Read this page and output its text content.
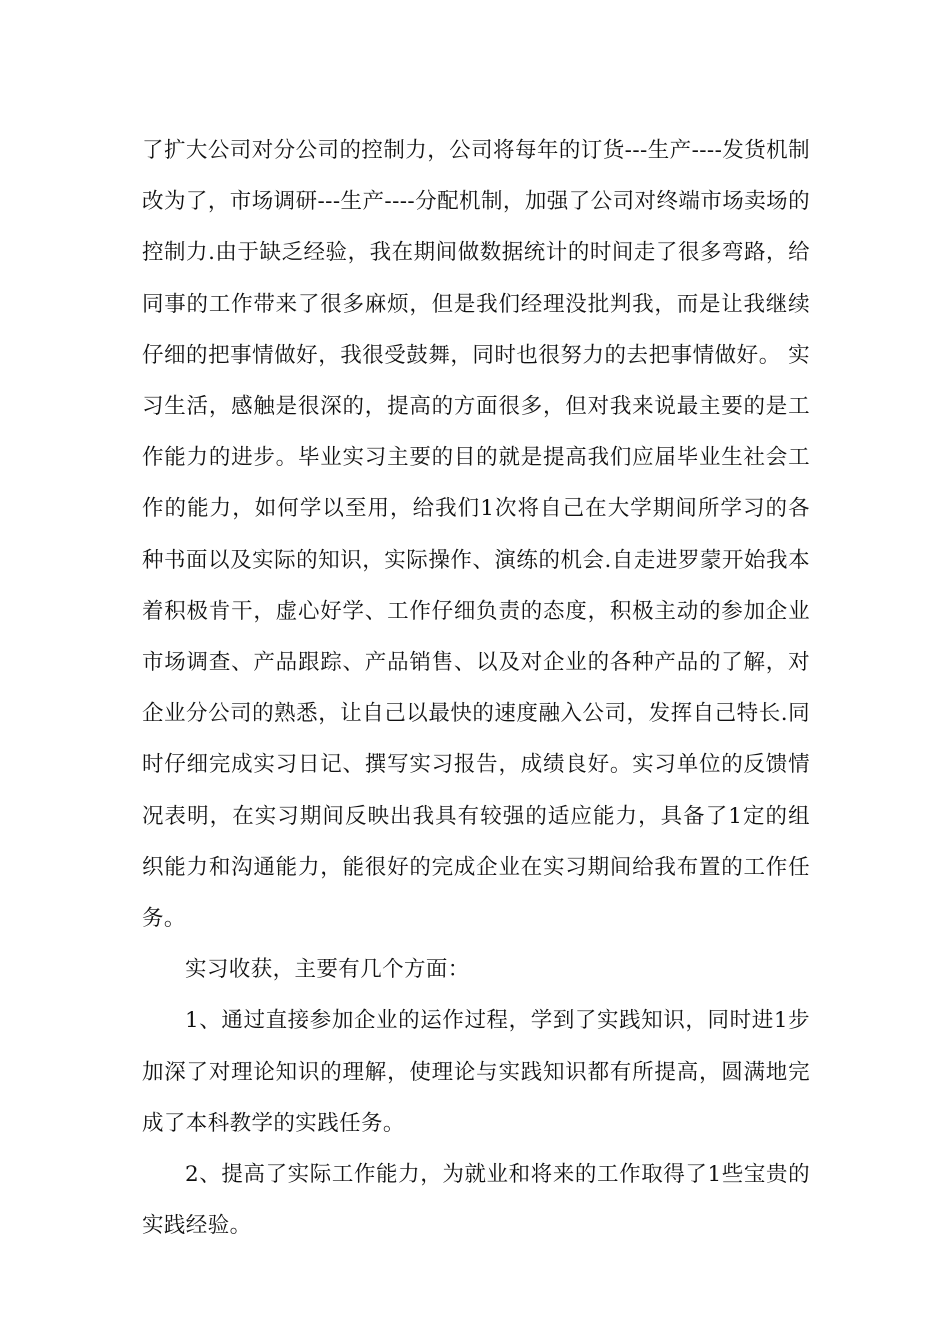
了扩大公司对分公司的控制力，公司将每年的订货---生产----发货机制改为了，市场调研---生产----分配机制，加强了公司对终端市场卖场的控制力.由于缺乏经验，我在期间做数据统计的时间走了很多弯路，给同事的工作带来了很多麻烦，但是我们经理没批判我，而是让我继续仔细的把事情做好，我很受鼓舞，同时也很努力的去把事情做好。 实习生活，感触是很深的，提高的方面很多，但对我来说最主要的是工作能力的进步。毕业实习主要的目的就是提高我们应届毕业生社会工作的能力，如何学以至用，给我们1次将自己在大学期间所学习的各种书面以及实际的知识，实际操作、演练的机会.自走进罗蒙开始我本着积极肯干，虚心好学、工作仔细负责的态度，积极主动的参加企业市场调查、产品跟踪、产品销售、以及对企业的各种产品的了解，对企业分公司的熟悉，让自己以最快的速度融入公司，发挥自己特长.同时仔细完成实习日记、撰写实习报告，成绩良好。实习单位的反馈情况表明，在实习期间反映出我具有较强的适应能力，具备了1定的组织能力和沟通能力，能很好的完成企业在实习期间给我布置的工作任务。

实习收获，主要有几个方面：

1、通过直接参加企业的运作过程，学到了实践知识，同时进1步加深了对理论知识的理解，使理论与实践知识都有所提高，圆满地完成了本科教学的实践任务。

2、提高了实际工作能力，为就业和将来的工作取得了1些宝贵的实践经验。
